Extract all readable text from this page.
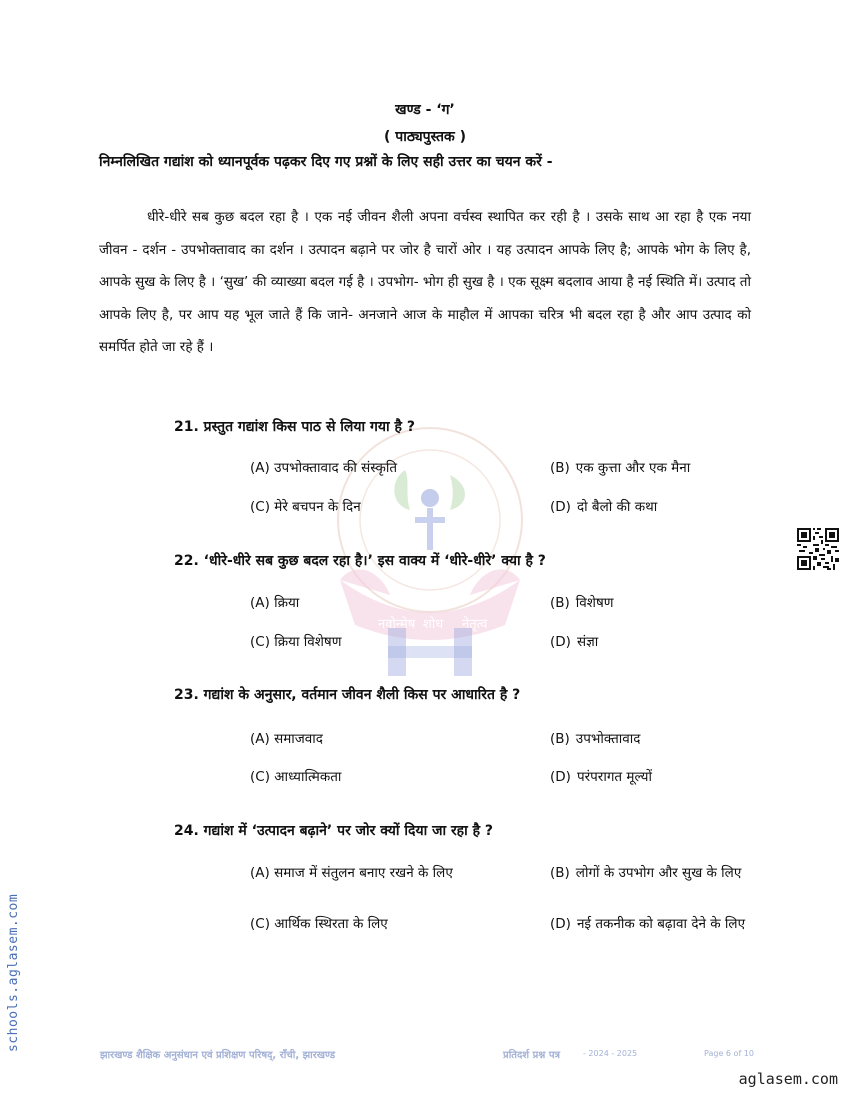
नवोन्मेष शोध नेतृत्व
खण्ड - ‘ग’
( पाठ्यपुस्तक )
निम्नलिखित गद्यांश को ध्यानपूर्वक पढ़कर दिए गए प्रश्नों के लिए सही उत्तर का चयन करें -
धीरे-धीरे सब कुछ बदल रहा है । एक नई जीवन शैली अपना वर्चस्व स्थापित कर रही है । उसके साथ आ रहा है एक नया जीवन - दर्शन - उपभोक्तावाद का दर्शन । उत्पादन बढ़ाने पर जोर है चारों ओर । यह उत्पादन आपके लिए है; आपके भोग के लिए है, आपके सुख के लिए है । ‘सुख’ की व्याख्या बदल गई है । उपभोग- भोग ही सुख है । एक सूक्ष्म बदलाव आया है नई स्थिति में। उत्पाद तो आपके लिए है, पर आप यह भूल जाते हैं कि जाने- अनजाने आज के माहौल में आपका चरित्र भी बदल रहा है और आप उत्पाद को समर्पित होते जा रहे हैं ।
21. प्रस्तुत गद्यांश किस पाठ से लिया गया है ?
(A) उपभोक्तावाद की संस्कृति	(B) एक कुत्ता और एक मैना
(C) मेरे बचपन के दिन	(D) दो बैलो की कथा
22. ‘धीरे-धीरे सब कुछ बदल रहा है।’ इस वाक्य में ‘धीरे-धीरे’ क्या है ?
(A) क्रिया	(B) विशेषण
(C) क्रिया विशेषण	(D) संज्ञा
23. गद्यांश के अनुसार, वर्तमान जीवन शैली किस पर आधारित है ?
(A) समाजवाद	(B) उपभोक्तावाद
(C) आध्यात्मिकता	(D) परंपरागत मूल्यों
24. गद्यांश में ‘उत्पादन बढ़ाने’ पर जोर क्यों दिया जा रहा है ?
(A) समाज में संतुलन बनाए रखने के लिए	(B) लोगों के उपभोग और सुख के लिए
(C) आर्थिक स्थिरता के लिए	(D) नई तकनीक को बढ़ावा देने के लिए
झारखण्ड शैक्षिक अनुसंधान एवं प्रशिक्षण परिषद्, राँची, झारखण्ड	प्रतिदर्श प्रश्न पत्र	- 2024 - 2025	Page 6 of 10
schools.aglasem.com
aglasem.com
